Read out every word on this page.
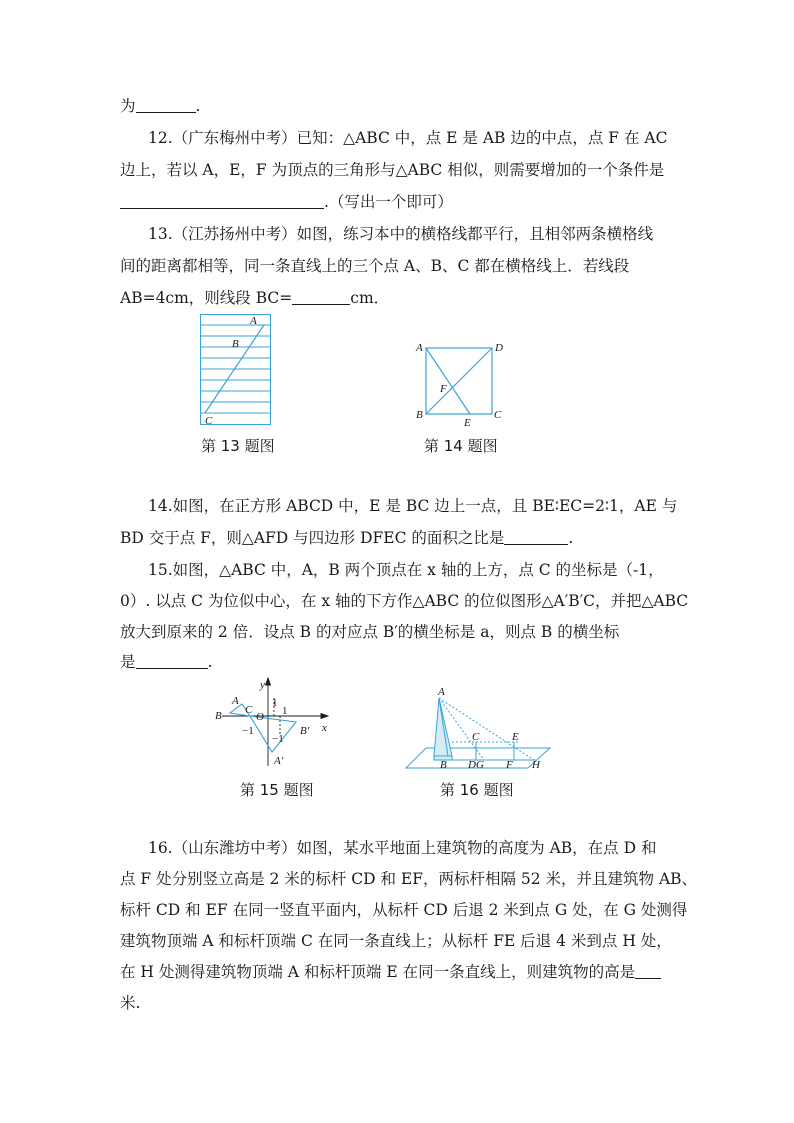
为	.
12.（广东梅州中考）已知：△ABC 中，点 E 是 AB 边的中点，点 F 在 AC
边上，若以 A，E，F 为顶点的三角形与△ABC 相似，则需要增加的一个条件是
.（写出一个即可）
13.（江苏扬州中考）如图，练习本中的横格线都平行，且相邻两条横格线
间的距离都相等，同一条直线上的三个点 A、B、C 都在横格线上．若线段
AB=4cm，则线段 BC=	cm．
A
B
C
第 13 题图
A	D
B	C
E
F
第 14 题图
14.如图，在正方形 ABCD 中，E 是 BC 边上一点，且 BE∶EC=2∶1，AE 与
BD 交于点 F，则△AFD 与四边形 DFEC 的面积之比是	.
15.如图，△ABC 中，A，B 两个顶点在 x 轴的上方，点 C 的坐标是（-1，
0）. 以点 C 为位似中心，在 x 轴的下方作△ABC 的位似图形△A′B′C，并把△ABC
放大到原来的 2 倍．设点 B 的对应点 B′的横坐标是 a，则点 B 的横坐标
是	.
A
B C
O
y
x
1
1
−1
−1
B′
A′
第 15 题图
A
B
C
D G
E
F H
第 16 题图
16.（山东潍坊中考）如图，某水平地面上建筑物的高度为 AB，在点 D 和
点 F 处分别竖立高是 2 米的标杆 CD 和 EF，两标杆相隔 52 米，并且建筑物 AB、
标杆 CD 和 EF 在同一竖直平面内，从标杆 CD 后退 2 米到点 G 处，在 G 处测得
建筑物顶端 A 和标杆顶端 C 在同一条直线上；从标杆 FE 后退 4 米到点 H 处，
在 H 处测得建筑物顶端 A 和标杆顶端 E 在同一条直线上，则建筑物的高是
米.
